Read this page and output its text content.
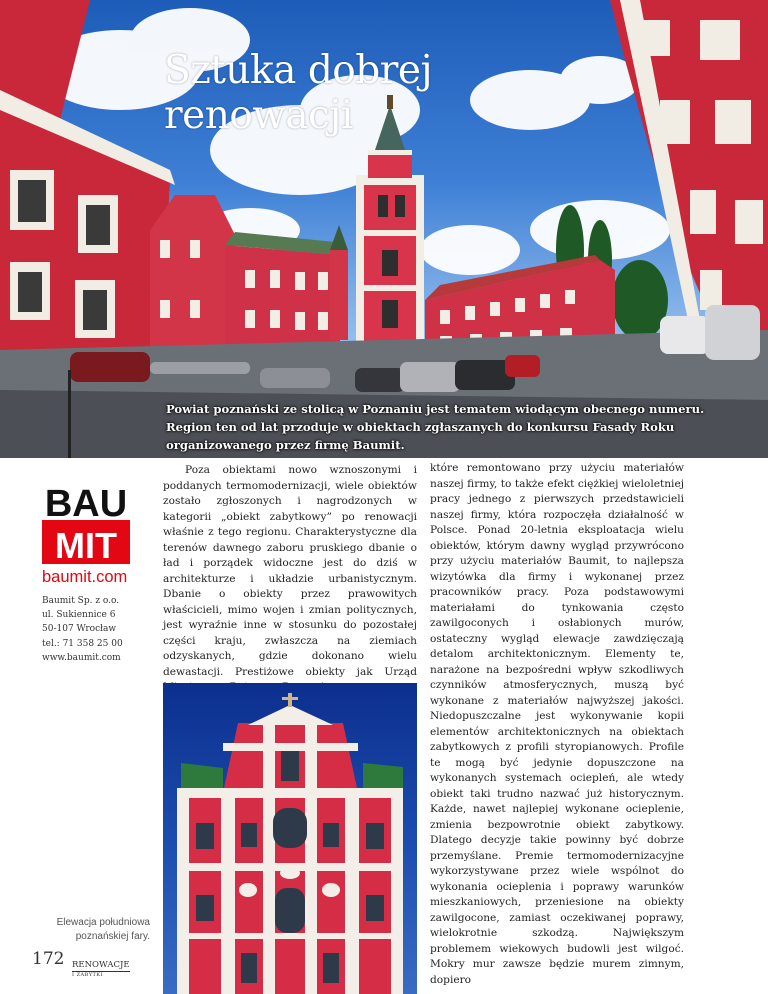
Sztuka dobrej
renowacji
Powiat poznański ze stolicą w Poznaniu jest tematem wiodącym obecnego numeru. Region ten od lat przoduje w obiektach zgłaszanych do konkursu Fasady Roku organizowanego przez firmę Baumit.
BAU
MIT
baumit.com
Baumit Sp. z o.o.
ul. Sukiennice 6
50-107 Wrocław
tel.: 71 358 25 00
www.baumit.com
Elewacja południowa
poznańskiej fary.
172 RENOWACJE
I ZABYTKI
Poza obiektami nowo wznoszonymi i poddanych termomodernizacji, wiele obiektów zostało zgłoszonych i nagrodzonych w kategorii „obiekt zabytkowy” po renowacji właśnie z tego regionu. Charakterystyczne dla terenów dawnego zaboru pruskiego dbanie o ład i porządek widoczne jest do dziś w architekturze i układzie urbanistycznym. Dbanie o obiekty przez prawowitych właścicieli, mimo wojen i zmian politycznych, jest wyraźnie inne w stosunku do pozostałej części kraju, zwłaszcza na ziemiach odzyskanych, gdzie dokonano wielu dewastacji. Prestiżowe obiekty jak Urząd
które remontowano przy użyciu materiałów naszej firmy, to także efekt ciężkiej wieloletniej pracy jednego z pierwszych przedstawicieli naszej firmy, która rozpoczęła działalność w Polsce. Ponad 20-letnia eksploatacja wielu obiektów, którym dawny wygląd przywrócono przy użyciu materiałów Baumit, to najlepsza wizytówka dla firmy i wykonanej przez pracowników pracy. Poza podstawowymi materiałami do tynkowania często zawilgoconych i osłabionych murów, ostateczny wygląd elewacje zawdzięczają detalom architektonicznym. Elementy te, narażone na bezpośredni wpływ szkodliwych czynników atmosferycznych, muszą być wykonane z materiałów najwyższej jakości. Niedopuszczalne jest wykonywanie kopii elementów architektonicznych na obiektach zabytkowych z profili styropianowych. Profile te mogą być jedynie dopuszczone na wykonanych systemach ociepleń, ale wtedy obiekt taki trudno nazwać już historycznym. Każde, nawet najlepiej wykonane ocieplenie, zmienia bezpowrotnie obiekt zabytkowy. Dlatego decyzje takie powinny być dobrze przemyślane. Premie termomodernizacyjne wykorzystywane przez wiele wspólnot do wykonania ocieplenia i poprawy warunków mieszkaniowych, przeniesione na obiekty zawilgocone, zamiast oczekiwanej poprawy, wielokrotnie szkodzą. Największym problemem wiekowych budowli jest wilgoć. Mokry mur zawsze będzie murem zimnym, dopiero
